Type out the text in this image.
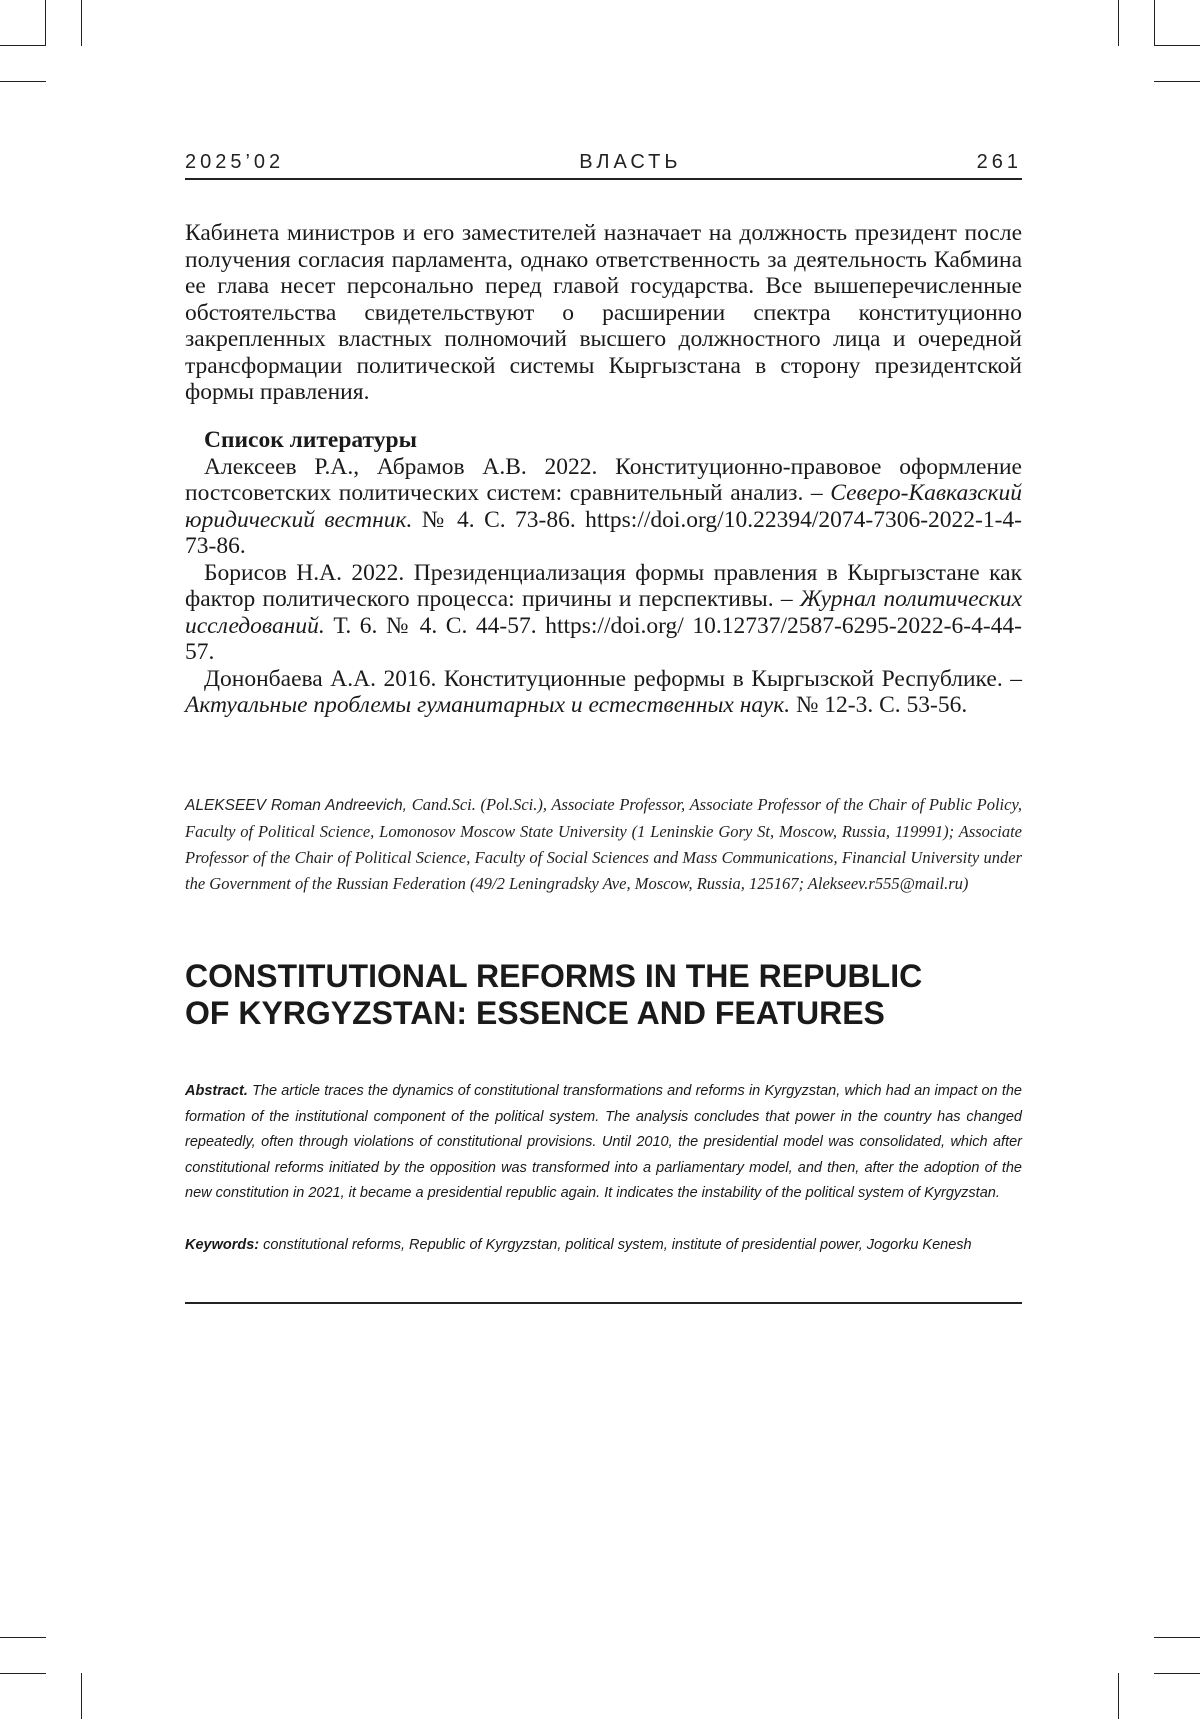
2025’02	ВЛАСТЬ	261

Кабинета министров и его заместителей назначает на должность президент после получения согласия парламента, однако ответственность за деятель­ность Кабмина ее глава несет персонально перед главой государства. Все вышеперечисленные обстоятельства свидетельствуют о расширении спектра конституционно закрепленных властных полномочий высшего должност­ного лица и очередной трансформации политической системы Кыргызстана в сторону президентской формы правления.

Список литературы

Алексеев Р.А., Абрамов А.В. 2022. Конституционно-правовое оформле­ние постсоветских политических систем: сравнительный анализ. – Северо-Кавказский юридический вестник. № 4. С. 73-86. https://doi.org/10.22394/2074-7306-2022-1-4-73-86.

Борисов Н.А. 2022. Президенциализация формы правления в Кыргызстане как фактор политического процесса: причины и перспективы. – Журнал политических исследований. Т. 6. № 4. С. 44-57. https://doi.org/ 10.12737/2587-6295-2022-6-4-44-57.

Дононбаева А.А. 2016. Конституционные реформы в Кыргызской Республике. – Актуальные проблемы гуманитарных и естественных наук. № 12-3. С. 53-56.

ALEKSEEV Roman Andreevich, Cand.Sci. (Pol.Sci.), Associate Professor, Associate Professor of the Chair of Public Policy, Faculty of Political Science, Lomonosov Moscow State University (1 Leninskie Gory St, Moscow, Russia, 119991); Associate Professor of the Chair of Political Science, Faculty of Social Sciences and Mass Communications, Financial University under the Government of the Russian Federation (49/2 Leningradsky Ave, Moscow, Russia, 125167; Alekseev.r555@mail.ru)

CONSTITUTIONAL REFORMS IN THE REPUBLIC
OF KYRGYZSTAN: ESSENCE AND FEATURES

Abstract. The article traces the dynamics of constitutional transformations and reforms in Kyrgyzstan, which had an impact on the formation of the institutional component of the political system. The analysis concludes that power in the country has changed repeatedly, often through violations of constitutional provisions. Until 2010, the presidential model was consolidated, which after constitutional reforms initiated by the opposition was transformed into a parliamentary model, and then, after the adoption of the new constitution in 2021, it became a presidential republic again. It indicates the instability of the political system of Kyrgyzstan.

Keywords: constitutional reforms, Republic of Kyrgyzstan, political system, institute of presidential power, Jogorku Kenesh
